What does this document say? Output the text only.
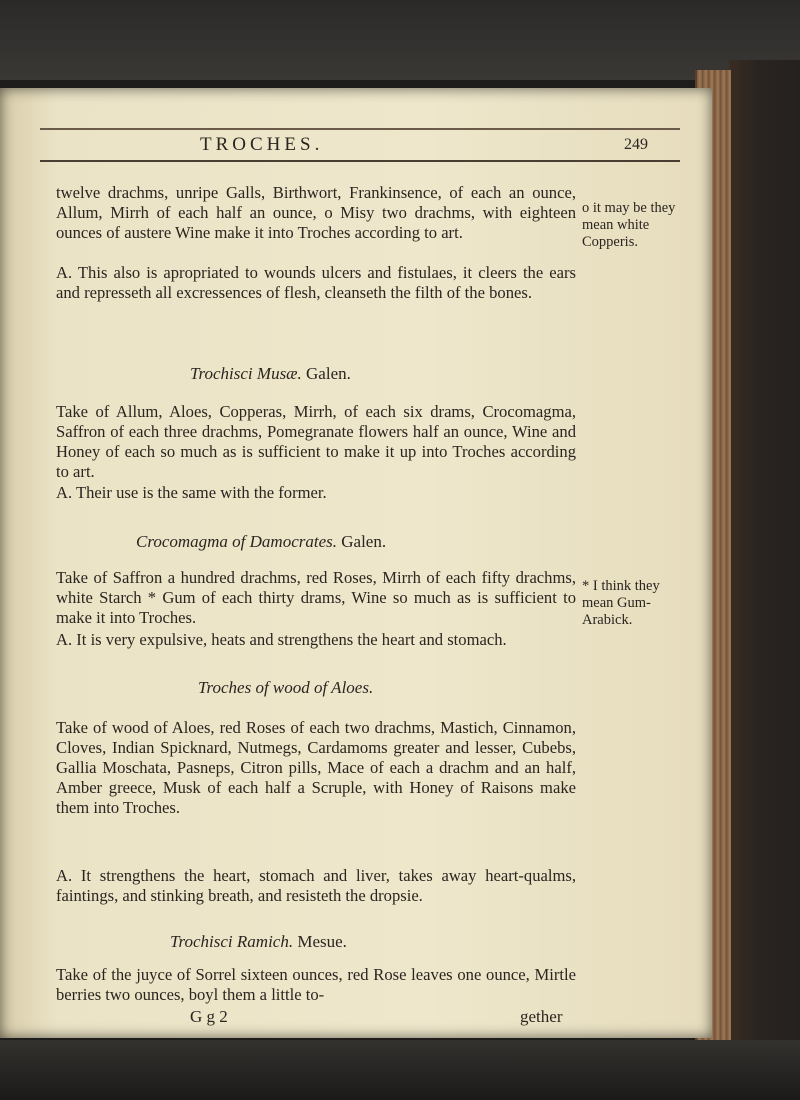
TROCHES.	249

twelve drachms, unripe Galls, Birthwort, Frankinsence, of each an ounce, Allum, Mirrh of each half an ounce, o Misy two drachms, with eighteen ounces of austere Wine make it into Troches according to art.

A. This also is apropriated to wounds ulcers and fistulaes, it cleers the ears and represseth all excressences of flesh, cleanseth the filth of the bones.

o it may be they mean white Copperis.
Trochisci Musæ. Galen.

Take of Allum, Aloes, Copperas, Mirrh, of each six drams, Crocomagma, Saffron of each three drachms, Pomegranate flowers half an ounce, Wine and Honey of each so much as is sufficient to make it up into Troches according to art.

A. Their use is the same with the former.

Crocomagma of Damocrates. Galen.

Take of Saffron a hundred drachms, red Roses, Mirrh of each fifty drachms, white Starch * Gum of each thirty drams, Wine so much as is sufficient to make it into Troches.

A. It is very expulsive, heats and strengthens the heart and stomach.

* I think they mean Gum-Arabick.
Troches of wood of Aloes.

Take of wood of Aloes, red Roses of each two drachms, Mastich, Cinnamon, Cloves, Indian Spicknard, Nutmegs, Cardamoms greater and lesser, Cubebs, Gallia Moschata, Pasneps, Citron pills, Mace of each a drachm and an half, Amber greece, Musk of each half a Scruple, with Honey of Raisons make them into Troches.

A. It strengthens the heart, stomach and liver, takes away heart-qualms, faintings, and stinking breath, and resisteth the dropsie.

Trochisci Ramich. Mesue.

Take of the juyce of Sorrel sixteen ounces, red Rose leaves one ounce, Mirtle berries two ounces, boyl them a little to-

G g 2	gether
